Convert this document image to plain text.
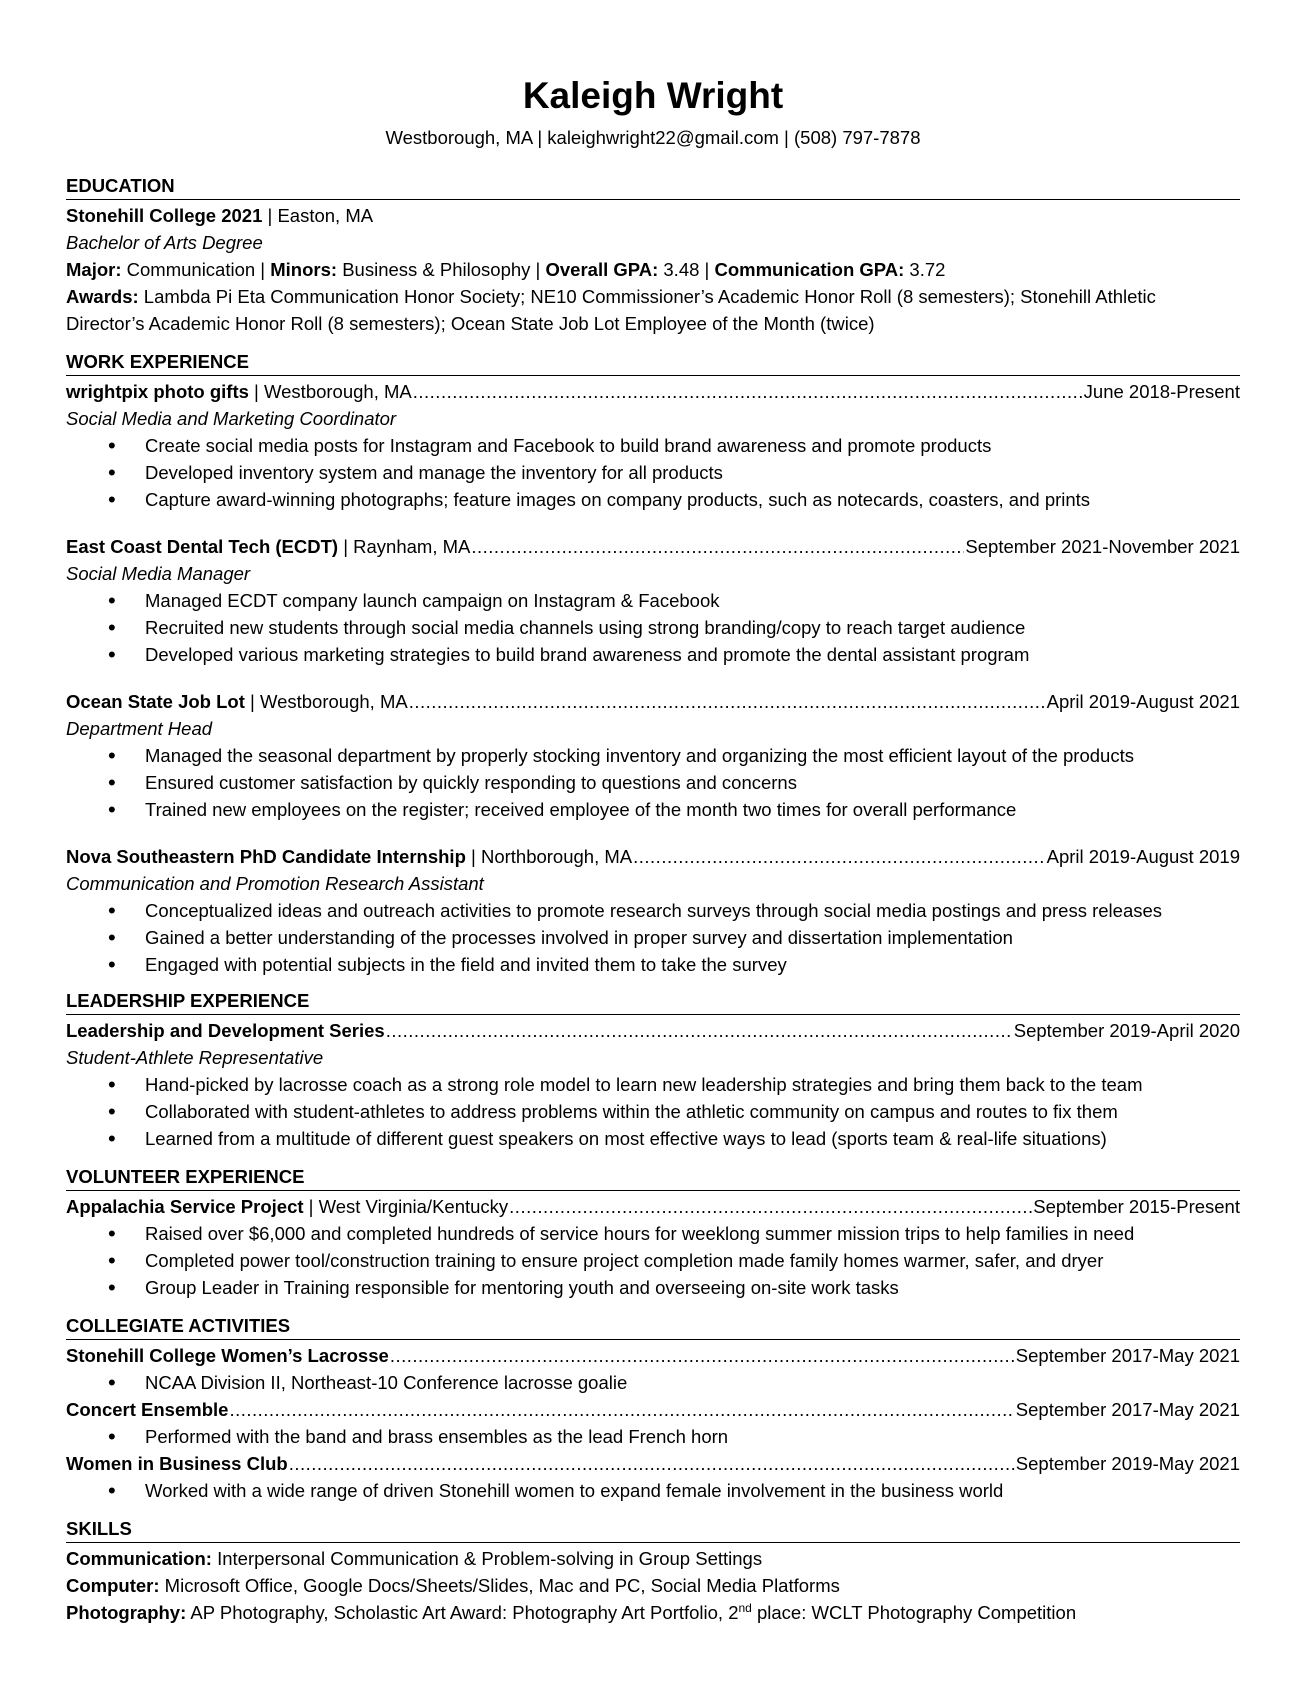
Kaleigh Wright
Westborough, MA | kaleighwright22@gmail.com | (508) 797-7878
EDUCATION
Stonehill College 2021 | Easton, MA
Bachelor of Arts Degree
Major: Communication | Minors: Business & Philosophy | Overall GPA: 3.48 | Communication GPA: 3.72
Awards: Lambda Pi Eta Communication Honor Society; NE10 Commissioner’s Academic Honor Roll (8 semesters); Stonehill Athletic Director’s Academic Honor Roll (8 semesters); Ocean State Job Lot Employee of the Month (twice)
WORK EXPERIENCE
wrightpix photo gifts | Westborough, MA .....	June 2018-Present
Social Media and Marketing Coordinator
• Create social media posts for Instagram and Facebook to build brand awareness and promote products
• Developed inventory system and manage the inventory for all products
• Capture award-winning photographs; feature images on company products, such as notecards, coasters, and prints
East Coast Dental Tech (ECDT) | Raynham, MA .....	September 2021-November 2021
Social Media Manager
• Managed ECDT company launch campaign on Instagram & Facebook
• Recruited new students through social media channels using strong branding/copy to reach target audience
• Developed various marketing strategies to build brand awareness and promote the dental assistant program
Ocean State Job Lot | Westborough, MA .....	April 2019-August 2021
Department Head
• Managed the seasonal department by properly stocking inventory and organizing the most efficient layout of the products
• Ensured customer satisfaction by quickly responding to questions and concerns
• Trained new employees on the register; received employee of the month two times for overall performance
Nova Southeastern PhD Candidate Internship | Northborough, MA .....	April 2019-August 2019
Communication and Promotion Research Assistant
• Conceptualized ideas and outreach activities to promote research surveys through social media postings and press releases
• Gained a better understanding of the processes involved in proper survey and dissertation implementation
• Engaged with potential subjects in the field and invited them to take the survey
LEADERSHIP EXPERIENCE
Leadership and Development Series .....	September 2019-April 2020
Student-Athlete Representative
• Hand-picked by lacrosse coach as a strong role model to learn new leadership strategies and bring them back to the team
• Collaborated with student-athletes to address problems within the athletic community on campus and routes to fix them
• Learned from a multitude of different guest speakers on most effective ways to lead (sports team & real-life situations)
VOLUNTEER EXPERIENCE
Appalachia Service Project | West Virginia/Kentucky .....	September 2015-Present
• Raised over $6,000 and completed hundreds of service hours for weeklong summer mission trips to help families in need
• Completed power tool/construction training to ensure project completion made family homes warmer, safer, and dryer
• Group Leader in Training responsible for mentoring youth and overseeing on-site work tasks
COLLEGIATE ACTIVITIES
Stonehill College Women’s Lacrosse .....	September 2017-May 2021
• NCAA Division II, Northeast-10 Conference lacrosse goalie
Concert Ensemble .....	September 2017-May 2021
• Performed with the band and brass ensembles as the lead French horn
Women in Business Club .....	September 2019-May 2021
• Worked with a wide range of driven Stonehill women to expand female involvement in the business world
SKILLS
Communication: Interpersonal Communication & Problem-solving in Group Settings
Computer: Microsoft Office, Google Docs/Sheets/Slides, Mac and PC, Social Media Platforms
Photography: AP Photography, Scholastic Art Award: Photography Art Portfolio, 2nd place: WCLT Photography Competition
